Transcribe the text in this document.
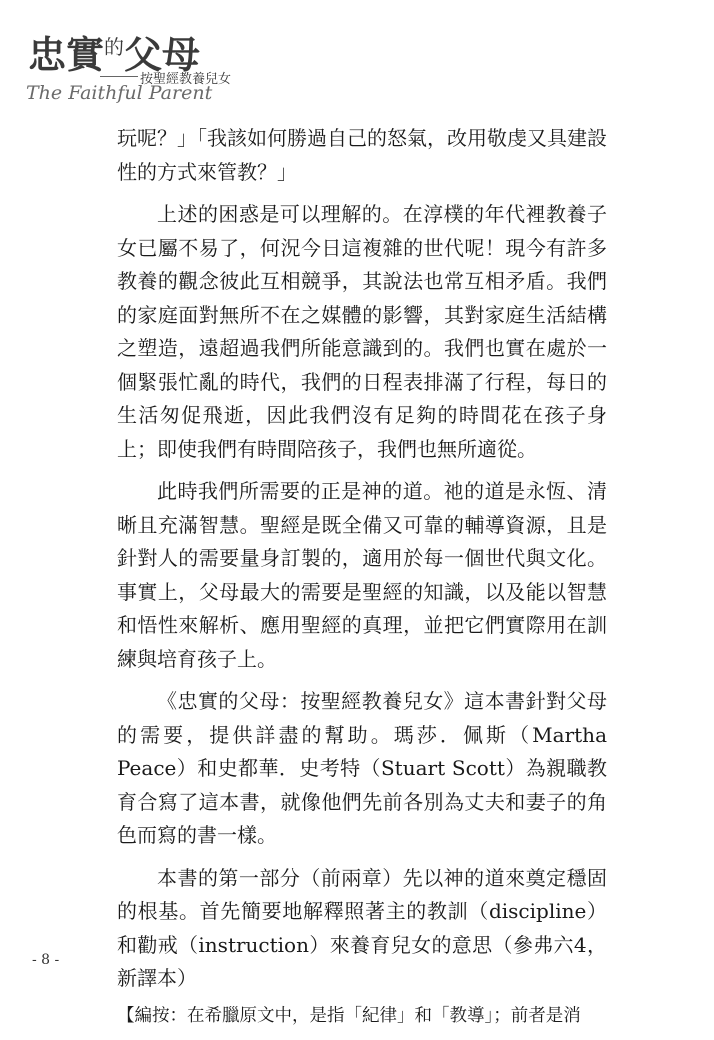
忠實$^的$父母
按聖經教養兒女
The Faithful Parent

玩呢？」「我該如何勝過自己的怒氣，改用敬虔又具建設性的方式來管教？」

上述的困惑是可以理解的。在淳樸的年代裡教養子女已屬不易了，何況今日這複雜的世代呢！現今有許多教養的觀念彼此互相競爭，其說法也常互相矛盾。我們的家庭面對無所不在之媒體的影響，其對家庭生活結構之塑造，遠超過我們所能意識到的。我們也實在處於一個緊張忙亂的時代，我們的日程表排滿了行程，每日的生活匆促飛逝，因此我們沒有足夠的時間花在孩子身上；即使我們有時間陪孩子，我們也無所適從。

此時我們所需要的正是神的道。祂的道是永恆、清晰且充滿智慧。聖經是既全備又可靠的輔導資源，且是針對人的需要量身訂製的，適用於每一個世代與文化。事實上，父母最大的需要是聖經的知識，以及能以智慧和悟性來解析、應用聖經的真理，並把它們實際用在訓練與培育孩子上。

《忠實的父母：按聖經教養兒女》這本書針對父母的需要，提供詳盡的幫助。瑪莎．佩斯（Martha Peace）和史都華．史考特（Stuart Scott）為親職教育合寫了這本書，就像他們先前各別為丈夫和妻子的角色而寫的書一樣。

本書的第一部分（前兩章）先以神的道來奠定穩固的根基。首先簡要地解釋照著主的教訓（discipline）和勸戒（instruction）來養育兒女的意思（參弗六4，新譯本）

【編按：在希臘原文中，是指「紀律」和「教導」；前者是消

- 8 -
